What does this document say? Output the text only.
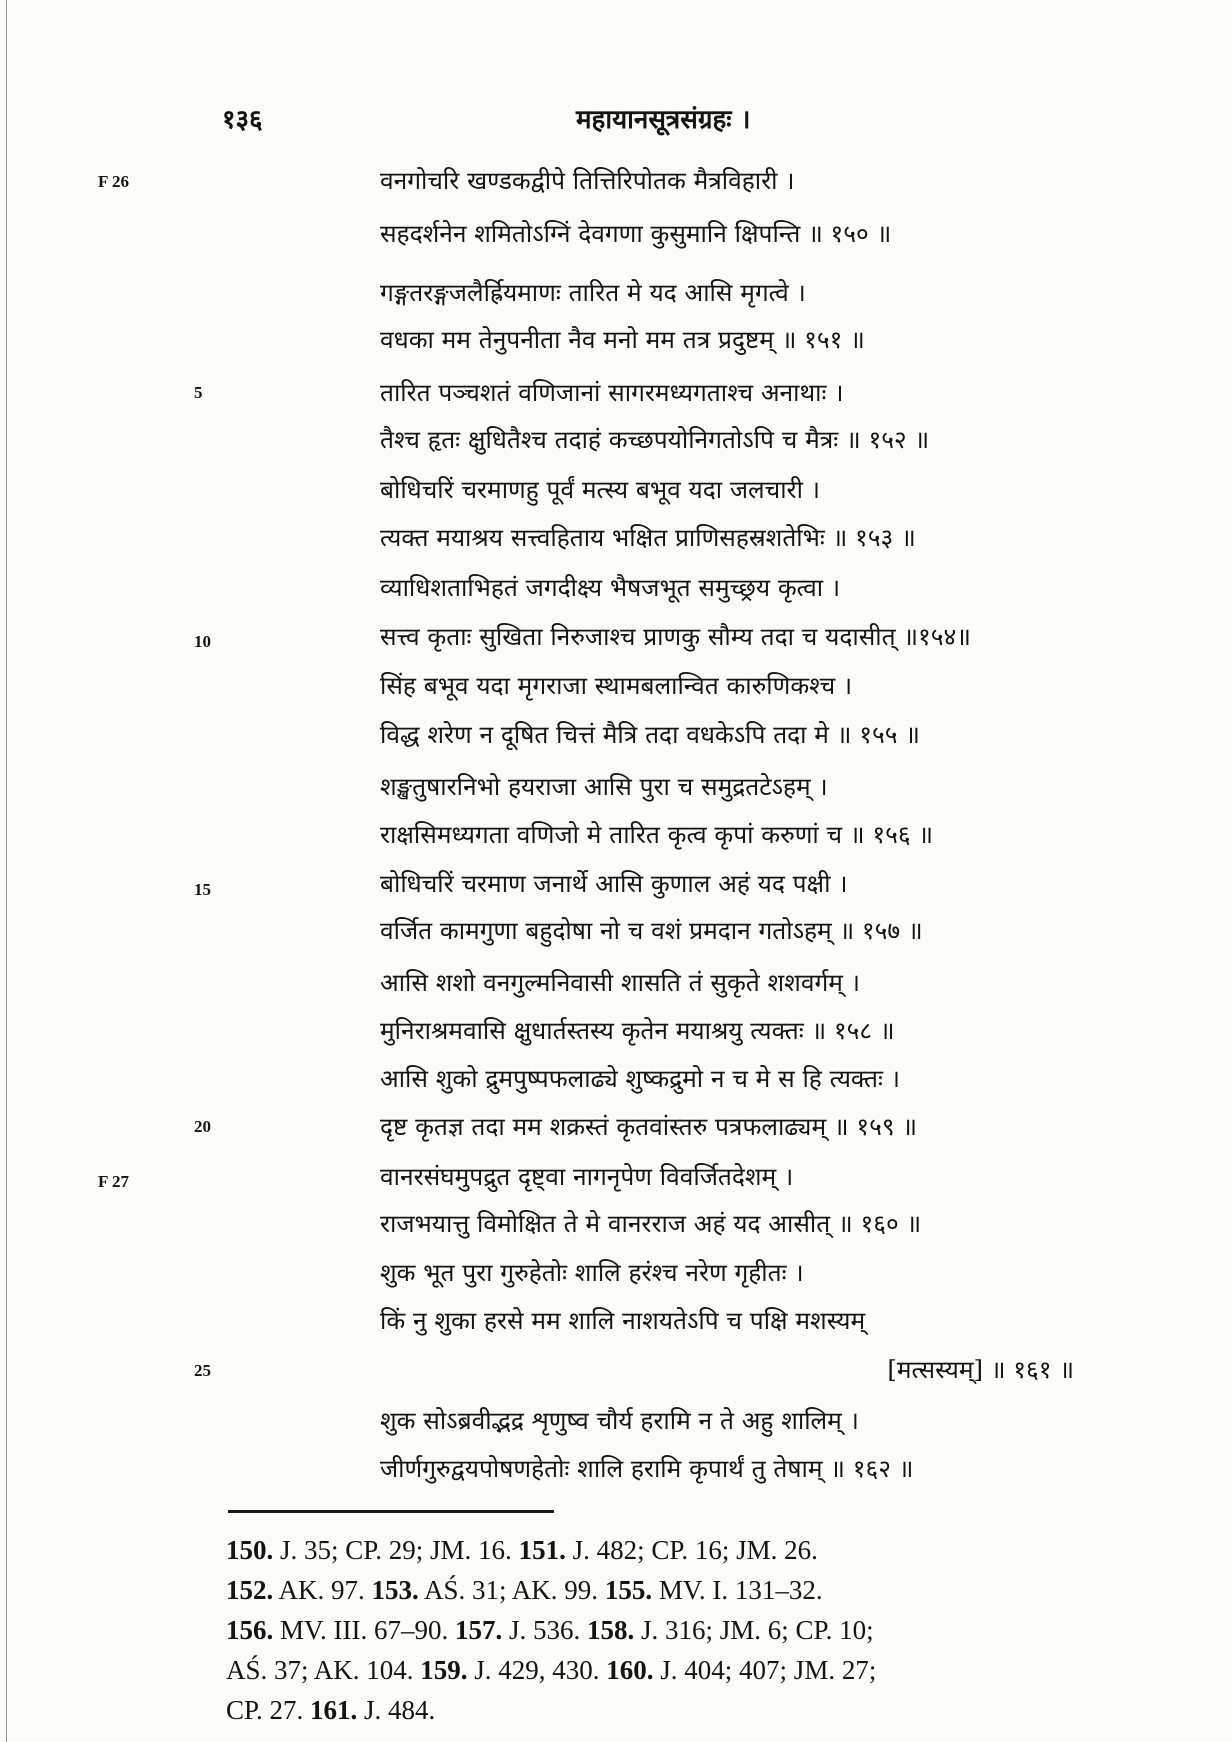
१३६	महायानसूत्रसंग्रहः ।
F 26
F 27
5
10
15
20
25
वनगोचरि खण्डकद्वीपे तित्तिरिपोतक मैत्रविहारी ।
सहदर्शनेन शमितोऽग्निं देवगणा कुसुमानि क्षिपन्ति ॥ १५० ॥
गङ्गतरङ्गजलैर्ह्रियमाणः तारित मे यद आसि मृगत्वे ।
वधका मम तेनुपनीता नैव मनो मम तत्र प्रदुष्टम् ॥ १५१ ॥
तारित पञ्चशतं वणिजानां सागरमध्यगताश्च अनाथाः ।
तैश्च हृतः क्षुधितैश्च तदाहं कच्छपयोनिगतोऽपि च मैत्रः ॥ १५२ ॥
बोधिचरिं चरमाणहु पूर्वं मत्स्य बभूव यदा जलचारी ।
त्यक्त मयाश्रय सत्त्वहिताय भक्षित प्राणिसहस्रशतेभिः ॥ १५३ ॥
व्याधिशताभिहतं जगदीक्ष्य भैषजभूत समुच्छ्रय कृत्वा ।
सत्त्व कृताः सुखिता निरुजाश्च प्राणकु सौम्य तदा च यदासीत् ॥१५४॥
सिंह बभूव यदा मृगराजा स्थामबलान्वित कारुणिकश्च ।
विद्ध शरेण न दूषित चित्तं मैत्रि तदा वधकेऽपि तदा मे ॥ १५५ ॥
शङ्खतुषारनिभो हयराजा आसि पुरा च समुद्रतटेऽहम् ।
राक्षसिमध्यगता वणिजो मे तारित कृत्व कृपां करुणां च ॥ १५६ ॥
बोधिचरिं चरमाण जनार्थे आसि कुणाल अहं यद पक्षी ।
वर्जित कामगुणा बहुदोषा नो च वशं प्रमदान गतोऽहम् ॥ १५७ ॥
आसि शशो वनगुल्मनिवासी शासति तं सुकृते शशवर्गम् ।
मुनिराश्रमवासि क्षुधार्तस्तस्य कृतेन मयाश्रयु त्यक्तः ॥ १५८ ॥
आसि शुको द्रुमपुष्पफलाढ्ये शुष्कद्रुमो न च मे स हि त्यक्तः ।
दृष्ट कृतज्ञ तदा मम शक्रस्तं कृतवांस्तरु पत्रफलाढ्यम् ॥ १५९ ॥
वानरसंघमुपद्रुत दृष्ट्वा नागनृपेण विवर्जितदेशम् ।
राजभयात्तु विमोक्षित ते मे वानरराज अहं यद आसीत् ॥ १६० ॥
शुक भूत पुरा गुरुहेतोः शालि हरंश्च नरेण गृहीतः ।
किं नु शुका हरसे मम शालि नाशयतेऽपि च पक्षि मशस्यम्
[मत्सस्यम्] ॥ १६१ ॥
शुक सोऽब्रवीद्भद्र शृणुष्व चौर्य हरामि न ते अहु शालिम् ।
जीर्णगुरुद्वयपोषणहेतोः शालि हरामि कृपार्थं तु तेषाम् ॥ १६२ ॥
150. J. 35; CP. 29; JM. 16. 151. J. 482; CP. 16; JM. 26.
152. AK. 97. 153. AŚ. 31; AK. 99. 155. MV. I. 131–32.
156. MV. III. 67–90. 157. J. 536. 158. J. 316; JM. 6; CP. 10;
AŚ. 37; AK. 104. 159. J. 429, 430. 160. J. 404; 407; JM. 27;
CP. 27. 161. J. 484.
